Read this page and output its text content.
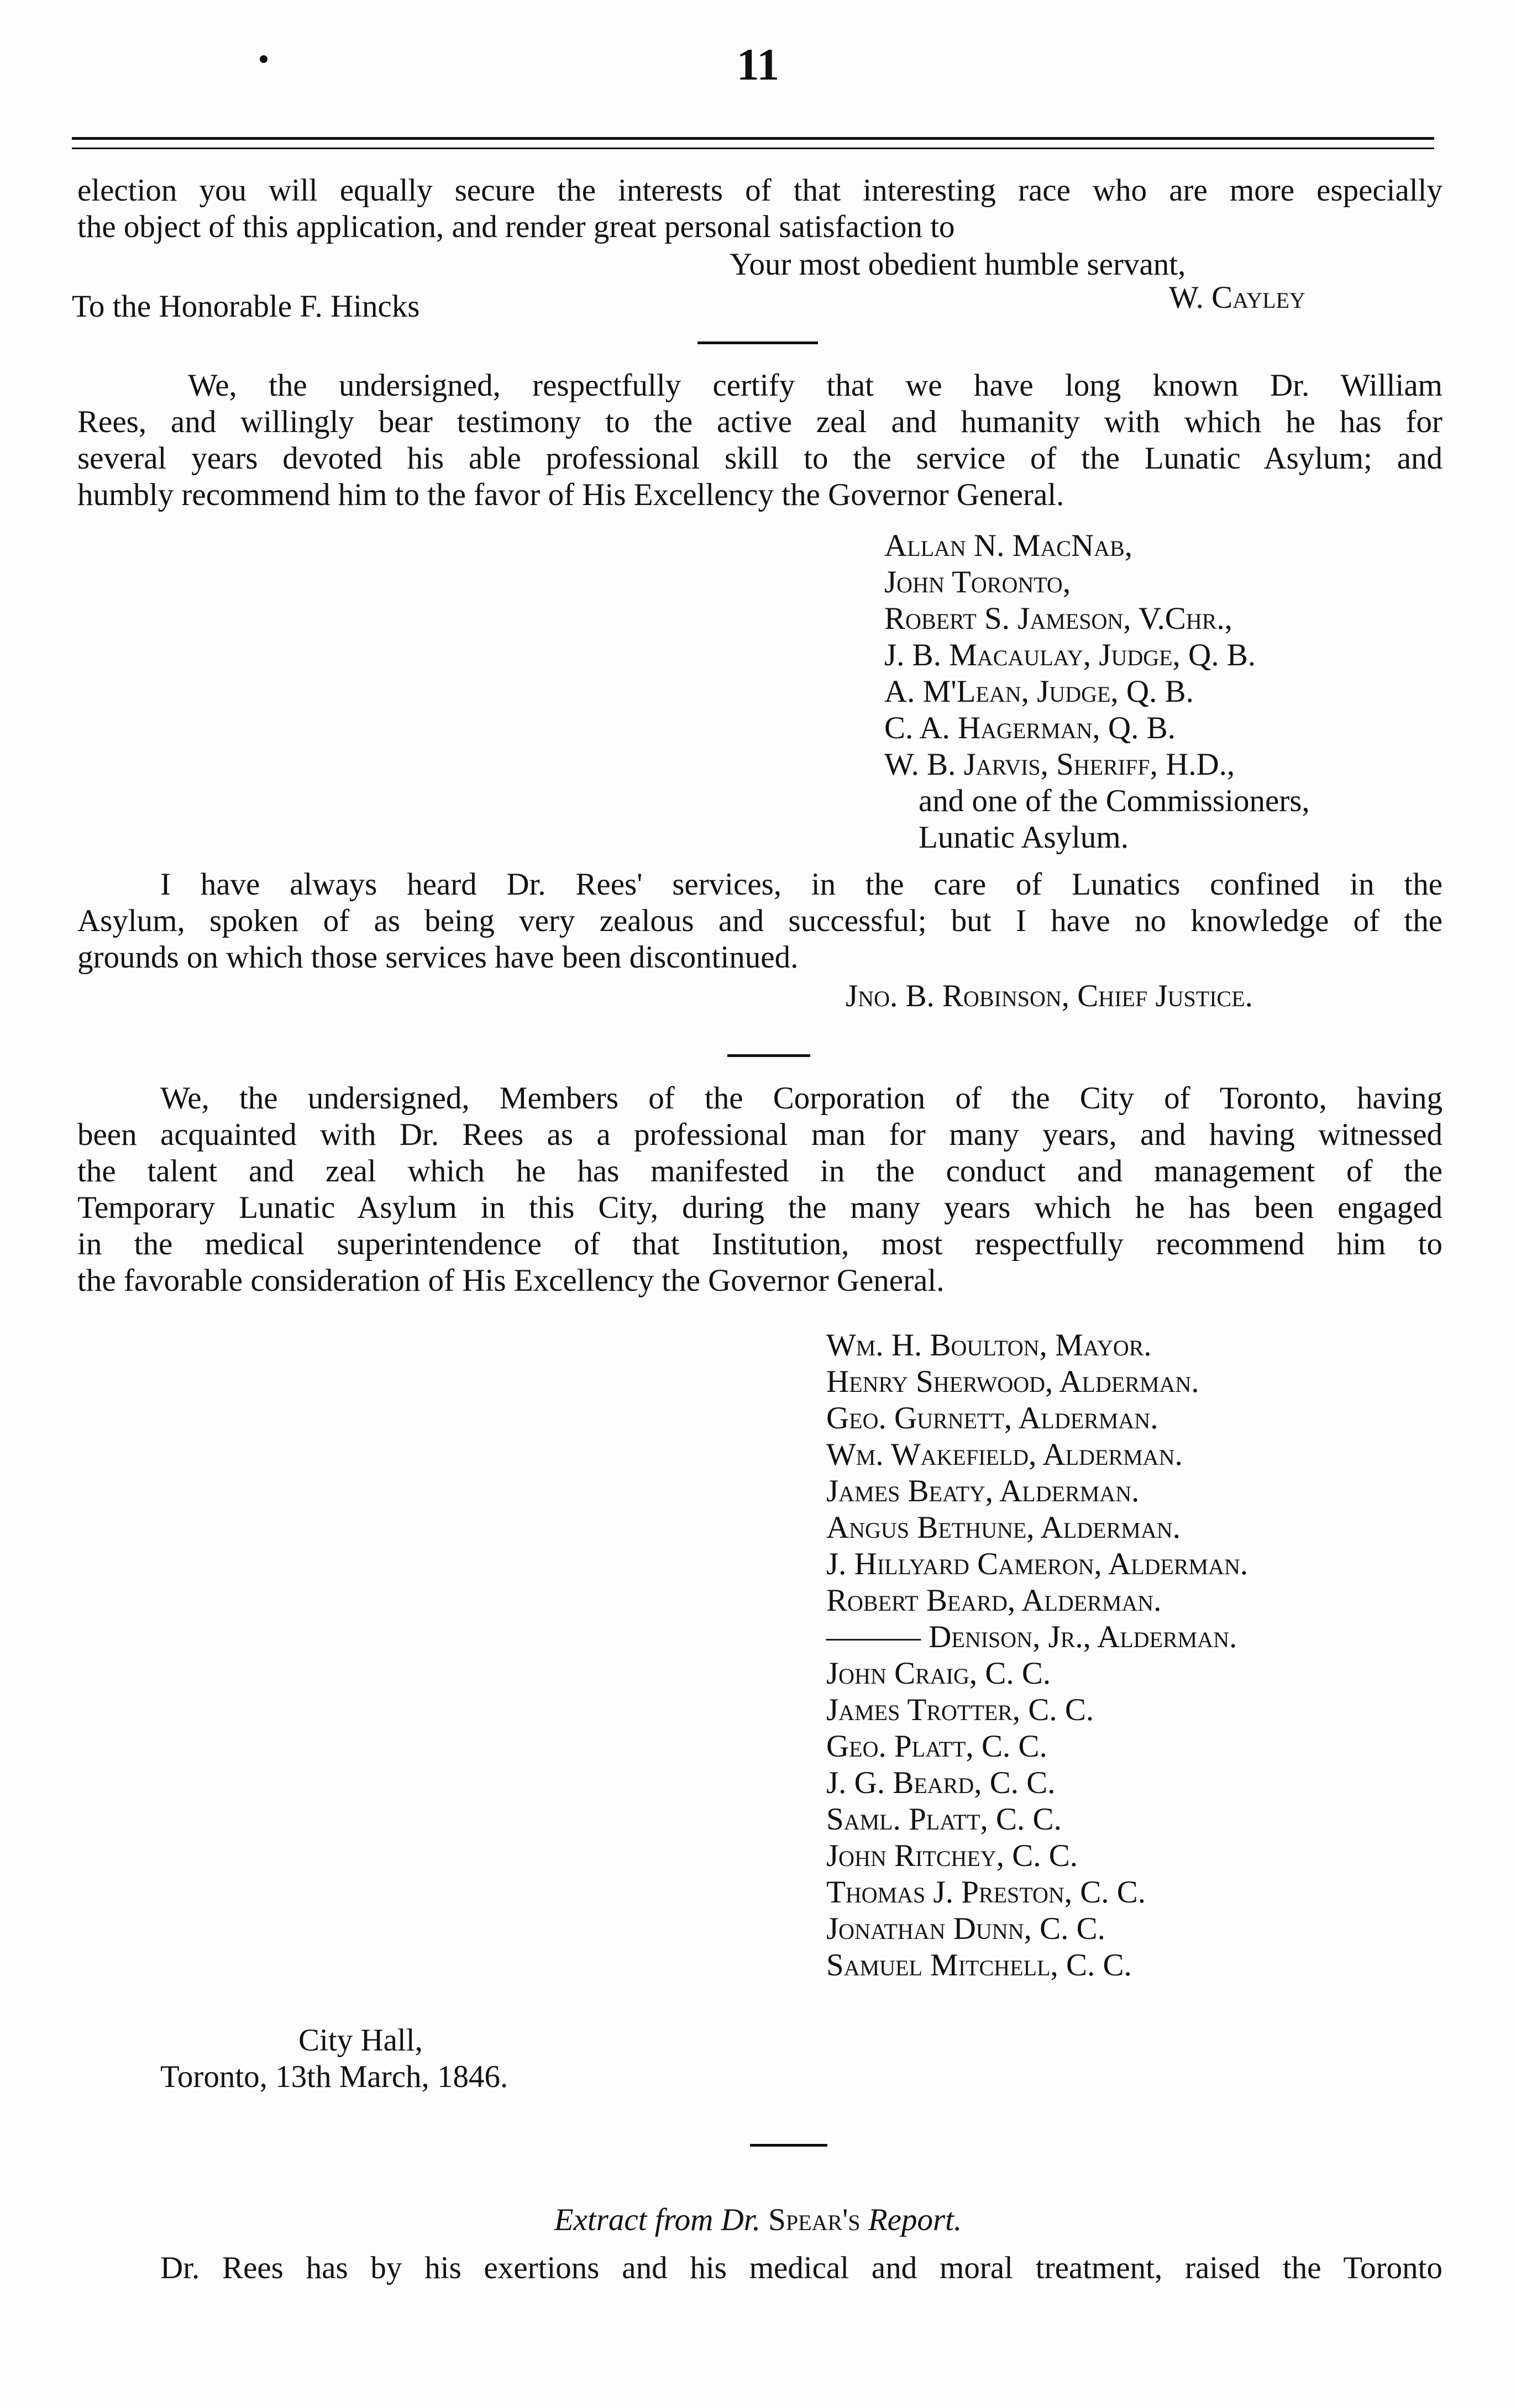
11
election you will equally secure the interests of that interesting race who are more especially
the object of this application, and render great personal satisfaction to
Your most obedient humble servant,
To the Honorable F. Hincks	W. Cayley
We, the undersigned, respectfully certify that we have long known Dr. William
Rees, and willingly bear testimony to the active zeal and humanity with which he has for
several years devoted his able professional skill to the service of the Lunatic Asylum; and
humbly recommend him to the favor of His Excellency the Governor General.
Allan N. MacNab,
John Toronto,
Robert S. Jameson, V.Chr.,
J. B. Macaulay, Judge, Q. B.
A. M'Lean, Judge, Q. B.
C. A. Hagerman, Q. B.
W. B. Jarvis, Sheriff, H.D.,
and one of the Commissioners,
Lunatic Asylum.
I have always heard Dr. Rees' services, in the care of Lunatics confined in the
Asylum, spoken of as being very zealous and successful; but I have no knowledge of the
grounds on which those services have been discontinued.
Jno. B. Robinson, Chief Justice.
We, the undersigned, Members of the Corporation of the City of Toronto, having
been acquainted with Dr. Rees as a professional man for many years, and having witnessed
the talent and zeal which he has manifested in the conduct and management of the
Temporary Lunatic Asylum in this City, during the many years which he has been engaged
in the medical superintendence of that Institution, most respectfully recommend him to
the favorable consideration of His Excellency the Governor General.
Wm. H. Boulton, Mayor.
Henry Sherwood, Alderman.
Geo. Gurnett, Alderman.
Wm. Wakefield, Alderman.
James Beaty, Alderman.
Angus Bethune, Alderman.
J. Hillyard Cameron, Alderman.
Robert Beard, Alderman.
——— Denison, Jr., Alderman.
John Craig, C. C.
James Trotter, C. C.
Geo. Platt, C. C.
J. G. Beard, C. C.
Saml. Platt, C. C.
John Ritchey, C. C.
Thomas J. Preston, C. C.
Jonathan Dunn, C. C.
Samuel Mitchell, C. C.
City Hall,
Toronto, 13th March, 1846.
Extract from Dr. Spear's Report.
Dr. Rees has by his exertions and his medical and moral treatment, raised the Toronto
